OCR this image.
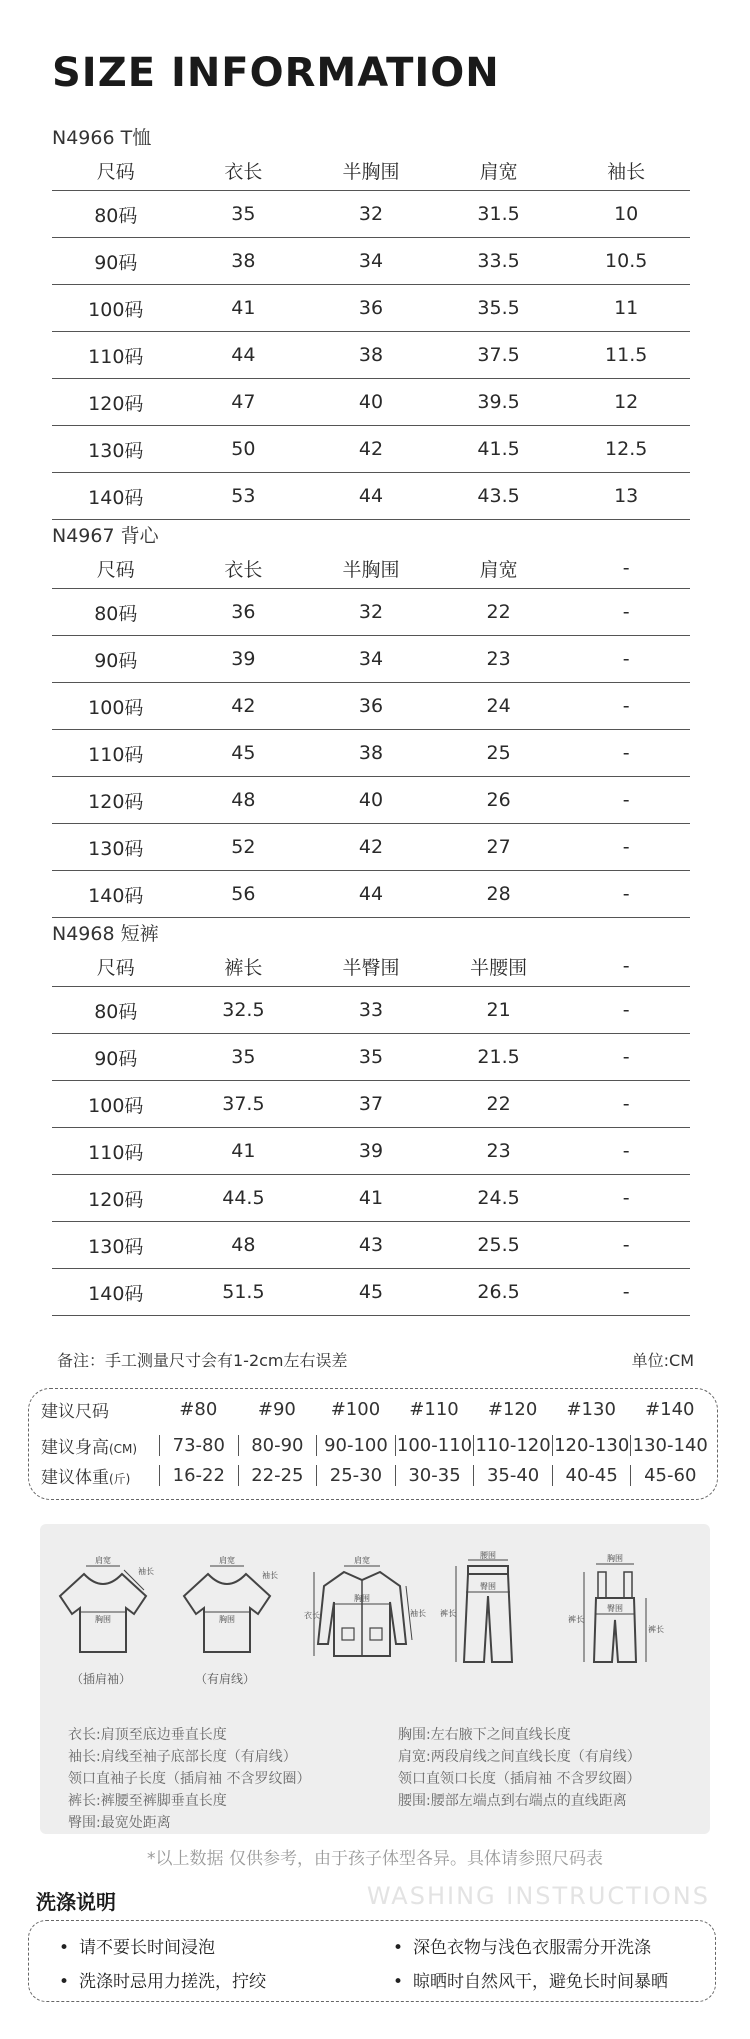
SIZE INFORMATION
N4966 T恤
尺码	衣长	半胸围	肩宽	袖长
80码	35	32	31.5	10
90码	38	34	33.5	10.5
100码	41	36	35.5	11
110码	44	38	37.5	11.5
120码	47	40	39.5	12
130码	50	42	41.5	12.5
140码	53	44	43.5	13
N4967 背心
尺码	衣长	半胸围	肩宽	-
80码	36	32	22	-
90码	39	34	23	-
100码	42	36	24	-
110码	45	38	25	-
120码	48	40	26	-
130码	52	42	27	-
140码	56	44	28	-
N4968 短裤
尺码	裤长	半臀围	半腰围	-
80码	32.5	33	21	-
90码	35	35	21.5	-
100码	37.5	37	22	-
110码	41	39	23	-
120码	44.5	41	24.5	-
130码	48	43	25.5	-
140码	51.5	45	26.5	-
备注：手工测量尺寸会有1-2cm左右误差	单位:CM
建议尺码	#80	#90	#100	#110	#120	#130	#140
建议身高(CM)	73-80	80-90	90-100 100-110 110-120 120-130 130-140
建议体重(斤)	16-22	22-25	25-30	30-35	35-40	40-45	45-60
肩宽
袖长
胸围
（插肩袖）
肩宽
袖长
胸围
（有肩线）
肩宽
胸围
衣长	袖长
腰围
裤长
臀围
胸围
裤长
臀围
裤长
衣长:肩顶至底边垂直长度
袖长:肩线至袖子底部长度（有肩线）
领口直袖子长度（插肩袖 不含罗纹圈）
裤长:裤腰至裤脚垂直长度
臀围:最宽处距离
胸围:左右腋下之间直线长度
肩宽:两段肩线之间直线长度（有肩线）
领口直领口长度（插肩袖 不含罗纹圈）
腰围:腰部左端点到右端点的直线距离
*以上数据 仅供参考，由于孩子体型各异。具体请参照尺码表
洗涤说明	WASHING INSTRUCTIONS
• 请不要长时间浸泡	• 深色衣物与浅色衣服需分开洗涤
• 洗涤时忌用力搓洗，拧绞	• 晾晒时自然风干，避免长时间暴晒
